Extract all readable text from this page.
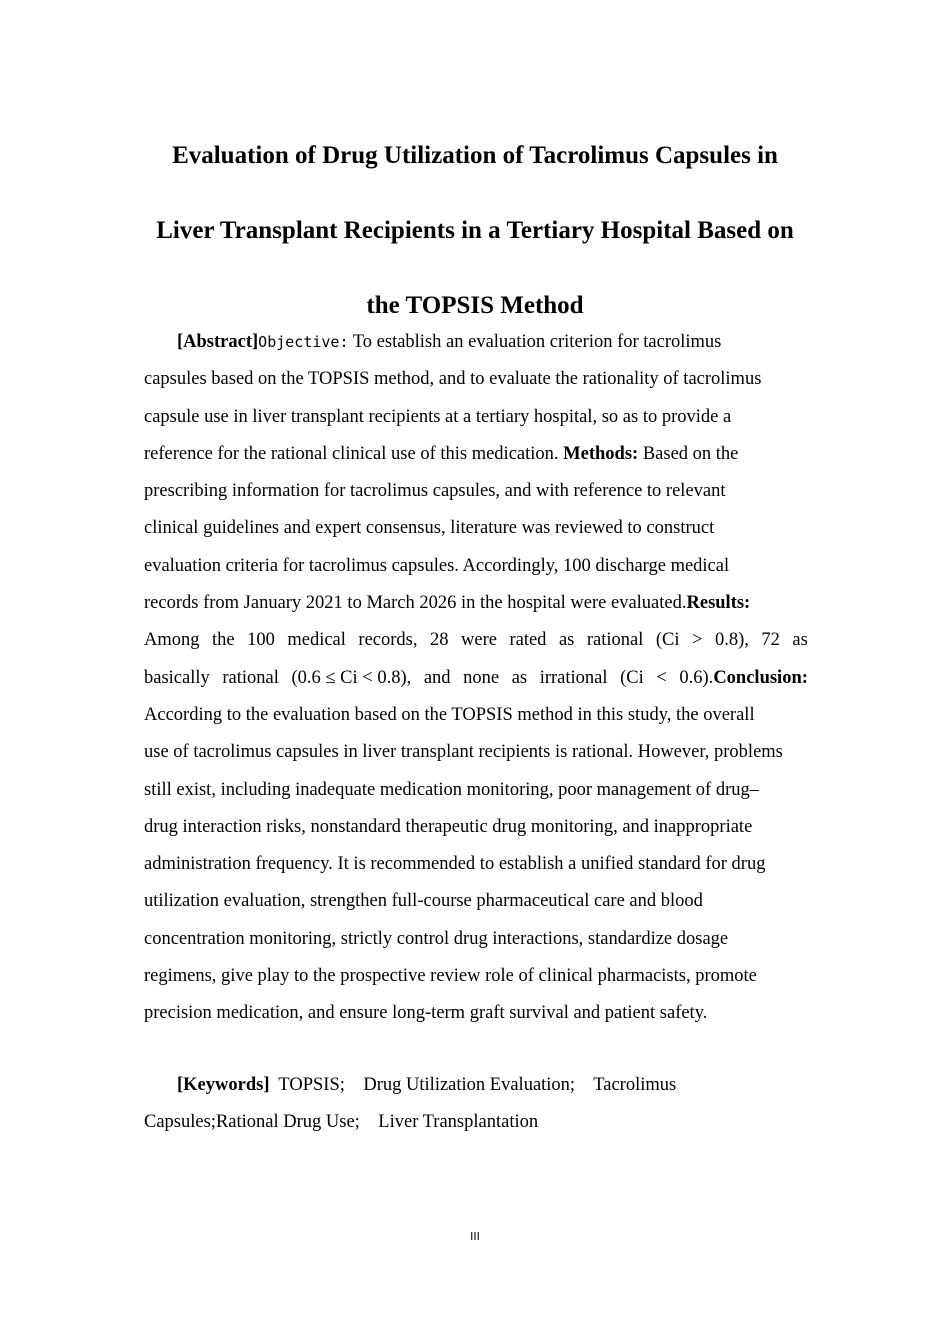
Evaluation of Drug Utilization of Tacrolimus Capsules in
Liver Transplant Recipients in a Tertiary Hospital Based on
the TOPSIS Method
[Abstract]Objective: To establish an evaluation criterion for tacrolimus
capsules based on the TOPSIS method, and to evaluate the rationality of tacrolimus
capsule use in liver transplant recipients at a tertiary hospital, so as to provide a
reference for the rational clinical use of this medication. Methods: Based on the
prescribing information for tacrolimus capsules, and with reference to relevant
clinical guidelines and expert consensus, literature was reviewed to construct
evaluation criteria for tacrolimus capsules. Accordingly, 100 discharge medical
records from January 2021 to March 2026 in the hospital were evaluated.Results:
Among the 100 medical records, 28 were rated as rational (Ci > 0.8), 72 as
basically rational (0.6 ≤ Ci < 0.8), and none as irrational (Ci < 0.6).Conclusion:
According to the evaluation based on the TOPSIS method in this study, the overall
use of tacrolimus capsules in liver transplant recipients is rational. However, problems
still exist, including inadequate medication monitoring, poor management of drug–
drug interaction risks, nonstandard therapeutic drug monitoring, and inappropriate
administration frequency. It is recommended to establish a unified standard for drug
utilization evaluation, strengthen full-course pharmaceutical care and blood
concentration monitoring, strictly control drug interactions, standardize dosage
regimens, give play to the prospective review role of clinical pharmacists, promote
precision medication, and ensure long-term graft survival and patient safety.
[Keywords]  TOPSIS;    Drug Utilization Evaluation;    Tacrolimus
Capsules;Rational Drug Use;    Liver Transplantation
III
